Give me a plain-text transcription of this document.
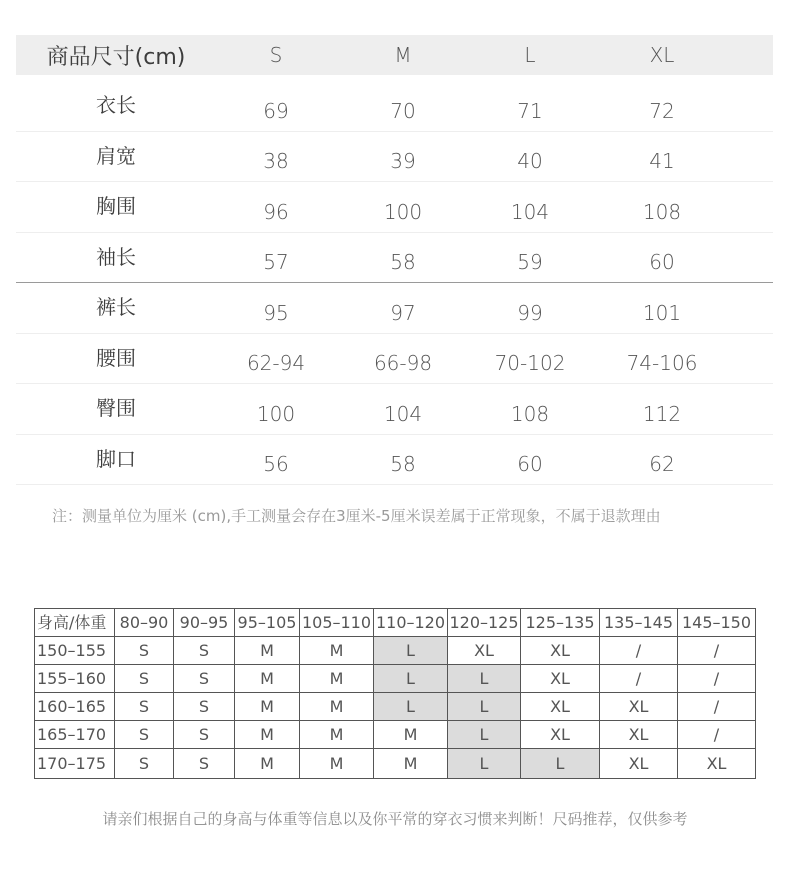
商品尺寸(cm)	S	M	L	XL
衣长	69	70	71	72
肩宽	38	39	40	41
胸围	96	100	104	108
袖长	57	58	59	60
裤长	95	97	99	101
腰围	62-94	66-98	70-102	74-106
臀围	100	104	108	112
脚口	56	58	60	62
注：测量单位为厘米 (cm),手工测量会存在3厘米-5厘米误差属于正常现象，不属于退款理由
身高/体重	80–90	90–95	95–105	105–110	110–120	120–125	125–135	135–145	145–150
150–155	S	S	M	M	L	XL	XL	/	/
155–160	S	S	M	M	L	L	XL	/	/
160–165	S	S	M	M	L	L	XL	XL	/
165–170	S	S	M	M	M	L	XL	XL	/
170–175	S	S	M	M	M	L	L	XL	XL
请亲们根据自己的身高与体重等信息以及你平常的穿衣习惯来判断！尺码推荐，仅供参考
